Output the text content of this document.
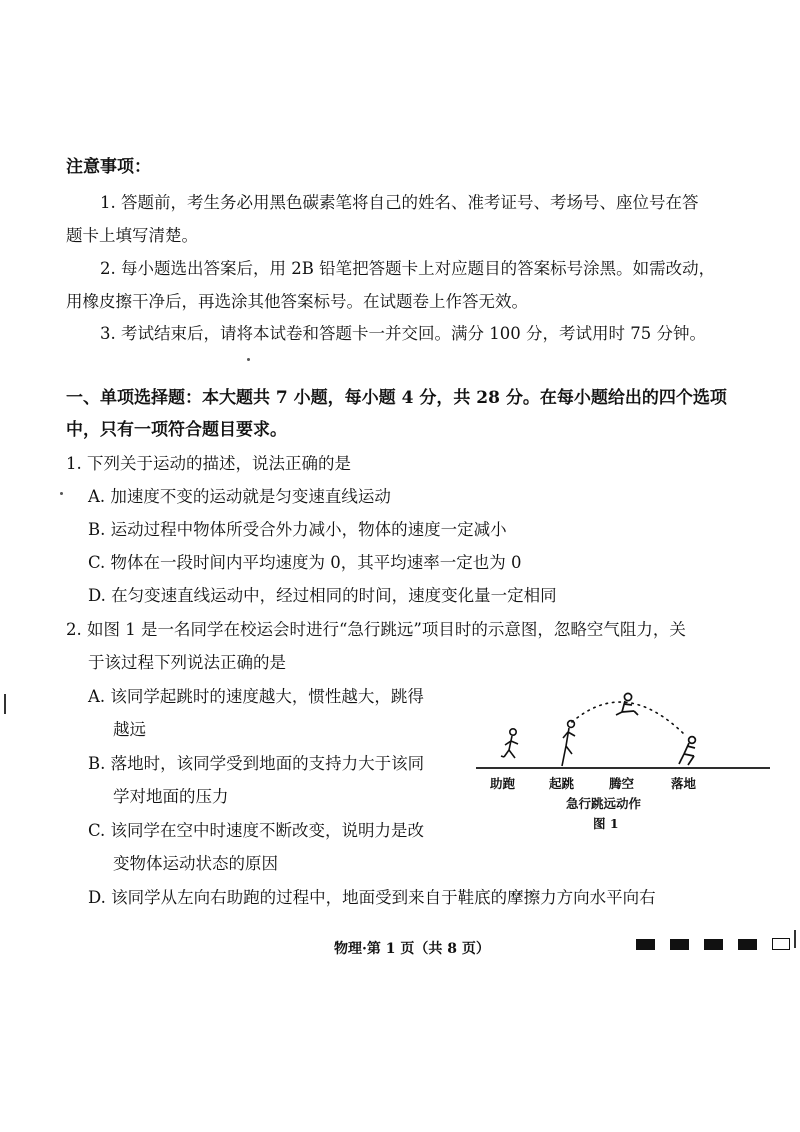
注意事项：
1. 答题前，考生务必用黑色碳素笔将自己的姓名、准考证号、考场号、座位号在答
题卡上填写清楚。
2. 每小题选出答案后，用 2B 铅笔把答题卡上对应题目的答案标号涂黑。如需改动，
用橡皮擦干净后，再选涂其他答案标号。在试题卷上作答无效。
3. 考试结束后，请将本试卷和答题卡一并交回。满分 100 分，考试用时 75 分钟。
一、单项选择题：本大题共 7 小题，每小题 4 分，共 28 分。在每小题给出的四个选项
中，只有一项符合题目要求。
1. 下列关于运动的描述，说法正确的是
A. 加速度不变的运动就是匀变速直线运动
B. 运动过程中物体所受合外力减小，物体的速度一定减小
C. 物体在一段时间内平均速度为 0，其平均速率一定也为 0
D. 在匀变速直线运动中，经过相同的时间，速度变化量一定相同
2. 如图 1 是一名同学在校运会时进行“急行跳远”项目时的示意图，忽略空气阻力，关
于该过程下列说法正确的是
A. 该同学起跳时的速度越大，惯性越大，跳得
越远
B. 落地时，该同学受到地面的支持力大于该同
学对地面的压力
C. 该同学在空中时速度不断改变，说明力是改
变物体运动状态的原因
D. 该同学从左向右助跑的过程中，地面受到来自于鞋底的摩擦力方向水平向右
助跑	起跳	腾空	落地
急行跳远动作
图 1
物理·第 1 页（共 8 页）
